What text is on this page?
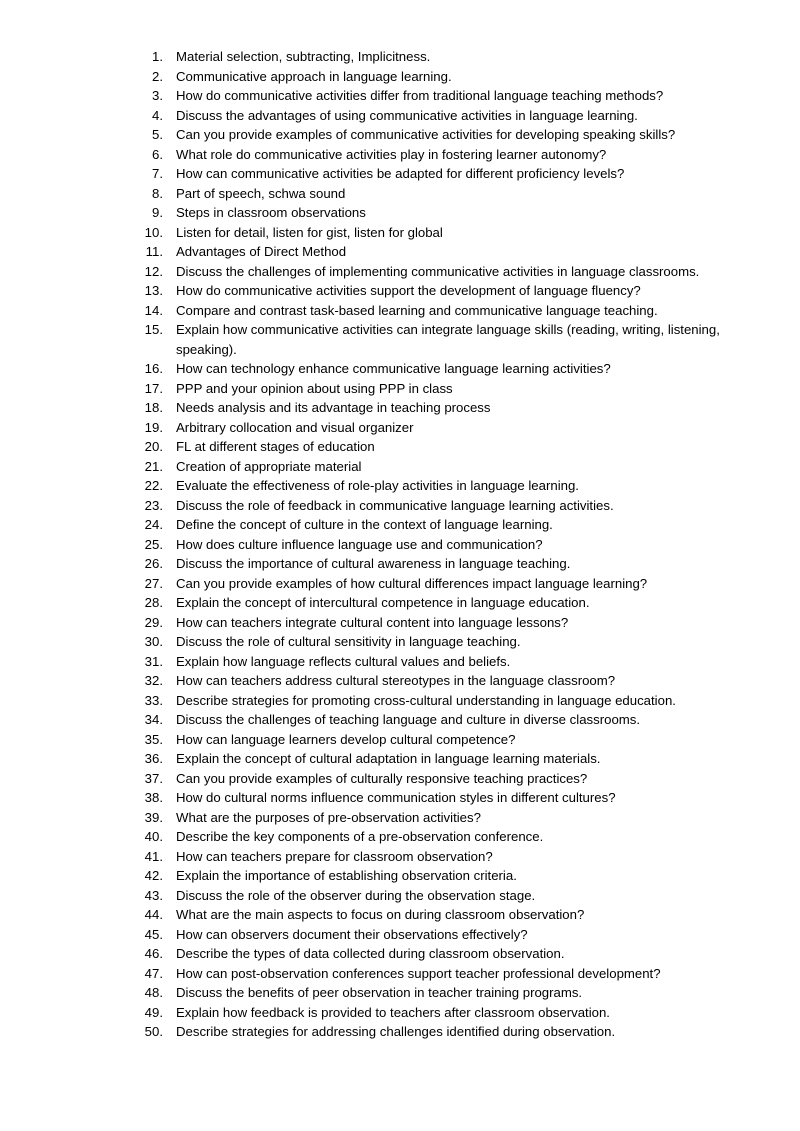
1. Material selection, subtracting, Implicitness.
2. Communicative approach in language learning.
3. How do communicative activities differ from traditional language teaching methods?
4. Discuss the advantages of using communicative activities in language learning.
5. Can you provide examples of communicative activities for developing speaking skills?
6. What role do communicative activities play in fostering learner autonomy?
7. How can communicative activities be adapted for different proficiency levels?
8. Part of speech, schwa sound
9. Steps in classroom observations
10. Listen for detail, listen for gist, listen for global
11. Advantages of Direct Method
12. Discuss the challenges of implementing communicative activities in language classrooms.
13. How do communicative activities support the development of language fluency?
14. Compare and contrast task-based learning and communicative language teaching.
15. Explain how communicative activities can integrate language skills (reading, writing, listening, speaking).
16. How can technology enhance communicative language learning activities?
17. PPP and your opinion about using PPP in class
18. Needs analysis and its advantage in teaching process
19. Arbitrary collocation and visual organizer
20. FL at different stages of education
21. Creation of appropriate material
22. Evaluate the effectiveness of role-play activities in language learning.
23. Discuss the role of feedback in communicative language learning activities.
24. Define the concept of culture in the context of language learning.
25. How does culture influence language use and communication?
26. Discuss the importance of cultural awareness in language teaching.
27. Can you provide examples of how cultural differences impact language learning?
28. Explain the concept of intercultural competence in language education.
29. How can teachers integrate cultural content into language lessons?
30. Discuss the role of cultural sensitivity in language teaching.
31. Explain how language reflects cultural values and beliefs.
32. How can teachers address cultural stereotypes in the language classroom?
33. Describe strategies for promoting cross-cultural understanding in language education.
34. Discuss the challenges of teaching language and culture in diverse classrooms.
35. How can language learners develop cultural competence?
36. Explain the concept of cultural adaptation in language learning materials.
37. Can you provide examples of culturally responsive teaching practices?
38. How do cultural norms influence communication styles in different cultures?
39. What are the purposes of pre-observation activities?
40. Describe the key components of a pre-observation conference.
41. How can teachers prepare for classroom observation?
42. Explain the importance of establishing observation criteria.
43. Discuss the role of the observer during the observation stage.
44. What are the main aspects to focus on during classroom observation?
45. How can observers document their observations effectively?
46. Describe the types of data collected during classroom observation.
47. How can post-observation conferences support teacher professional development?
48. Discuss the benefits of peer observation in teacher training programs.
49. Explain how feedback is provided to teachers after classroom observation.
50. Describe strategies for addressing challenges identified during observation.
